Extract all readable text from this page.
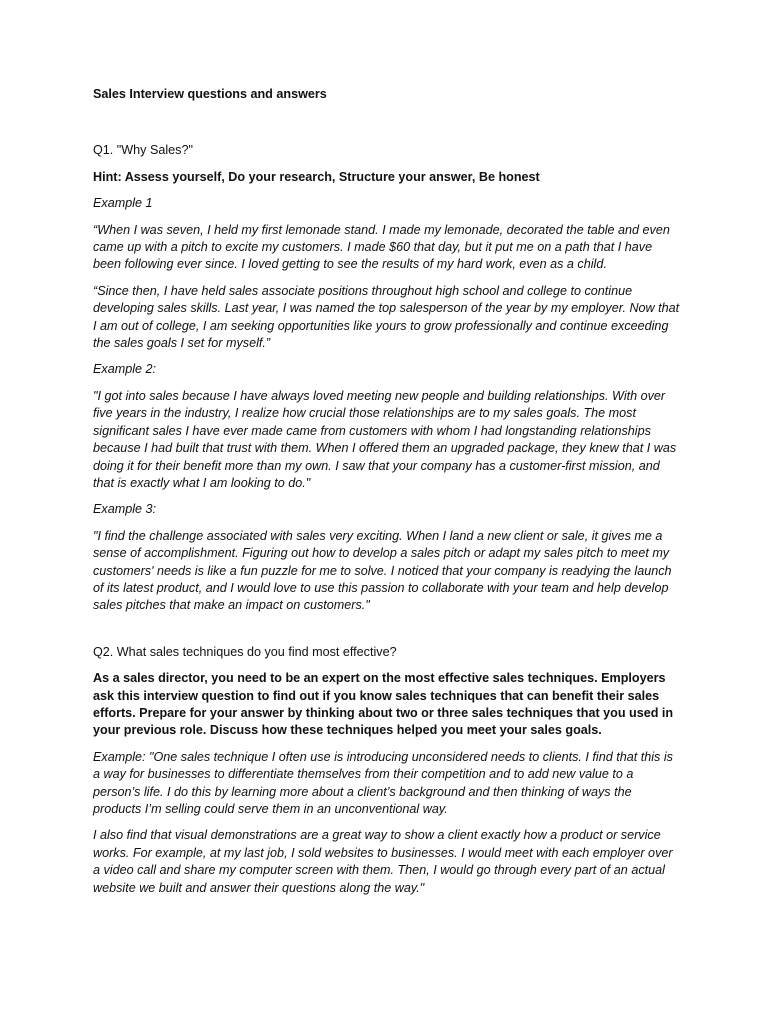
Sales Interview questions and answers

Q1. "Why Sales?"

Hint: Assess yourself, Do your research, Structure your answer, Be honest

Example 1

“When I was seven, I held my first lemonade stand. I made my lemonade, decorated the table and even came up with a pitch to excite my customers. I made $60 that day, but it put me on a path that I have been following ever since. I loved getting to see the results of my hard work, even as a child.

“Since then, I have held sales associate positions throughout high school and college to continue developing sales skills. Last year, I was named the top salesperson of the year by my employer. Now that I am out of college, I am seeking opportunities like yours to grow professionally and continue exceeding the sales goals I set for myself.”

Example 2:

"I got into sales because I have always loved meeting new people and building relationships. With over five years in the industry, I realize how crucial those relationships are to my sales goals. The most significant sales I have ever made came from customers with whom I had longstanding relationships because I had built that trust with them. When I offered them an upgraded package, they knew that I was doing it for their benefit more than my own. I saw that your company has a customer-first mission, and that is exactly what I am looking to do."

Example 3:

"I find the challenge associated with sales very exciting. When I land a new client or sale, it gives me a sense of accomplishment. Figuring out how to develop a sales pitch or adapt my sales pitch to meet my customers' needs is like a fun puzzle for me to solve. I noticed that your company is readying the launch of its latest product, and I would love to use this passion to collaborate with your team and help develop sales pitches that make an impact on customers."

Q2. What sales techniques do you find most effective?

As a sales director, you need to be an expert on the most effective sales techniques. Employers ask this interview question to find out if you know sales techniques that can benefit their sales efforts. Prepare for your answer by thinking about two or three sales techniques that you used in your previous role. Discuss how these techniques helped you meet your sales goals.

Example: "One sales technique I often use is introducing unconsidered needs to clients. I find that this is a way for businesses to differentiate themselves from their competition and to add new value to a person’s life. I do this by learning more about a client’s background and then thinking of ways the products I’m selling could serve them in an unconventional way.

I also find that visual demonstrations are a great way to show a client exactly how a product or service works. For example, at my last job, I sold websites to businesses. I would meet with each employer over a video call and share my computer screen with them. Then, I would go through every part of an actual website we built and answer their questions along the way."
